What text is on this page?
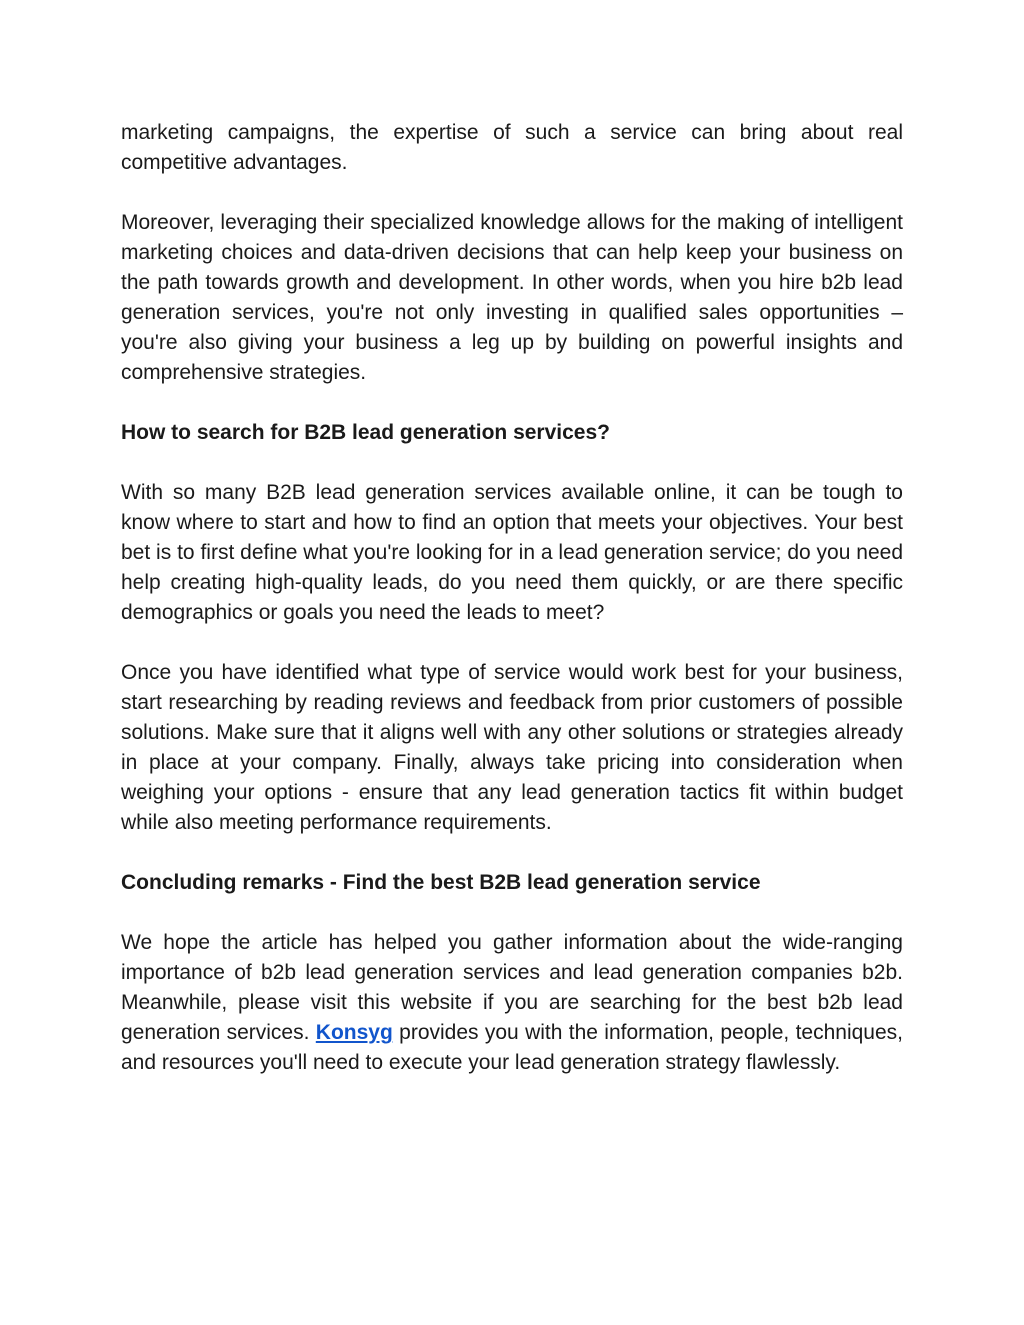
marketing campaigns, the expertise of such a service can bring about real competitive advantages.

Moreover, leveraging their specialized knowledge allows for the making of intelligent marketing choices and data-driven decisions that can help keep your business on the path towards growth and development. In other words, when you hire b2b lead generation services, you're not only investing in qualified sales opportunities – you're also giving your business a leg up by building on powerful insights and comprehensive strategies.

How to search for B2B lead generation services?

With so many B2B lead generation services available online, it can be tough to know where to start and how to find an option that meets your objectives. Your best bet is to first define what you're looking for in a lead generation service; do you need help creating high-quality leads, do you need them quickly, or are there specific demographics or goals you need the leads to meet?

Once you have identified what type of service would work best for your business, start researching by reading reviews and feedback from prior customers of possible solutions. Make sure that it aligns well with any other solutions or strategies already in place at your company. Finally, always take pricing into consideration when weighing your options - ensure that any lead generation tactics fit within budget while also meeting performance requirements.

Concluding remarks - Find the best B2B lead generation service

We hope the article has helped you gather information about the wide-ranging importance of b2b lead generation services and lead generation companies b2b. Meanwhile, please visit this website if you are searching for the best b2b lead generation services. Konsyg provides you with the information, people, techniques, and resources you'll need to execute your lead generation strategy flawlessly.
